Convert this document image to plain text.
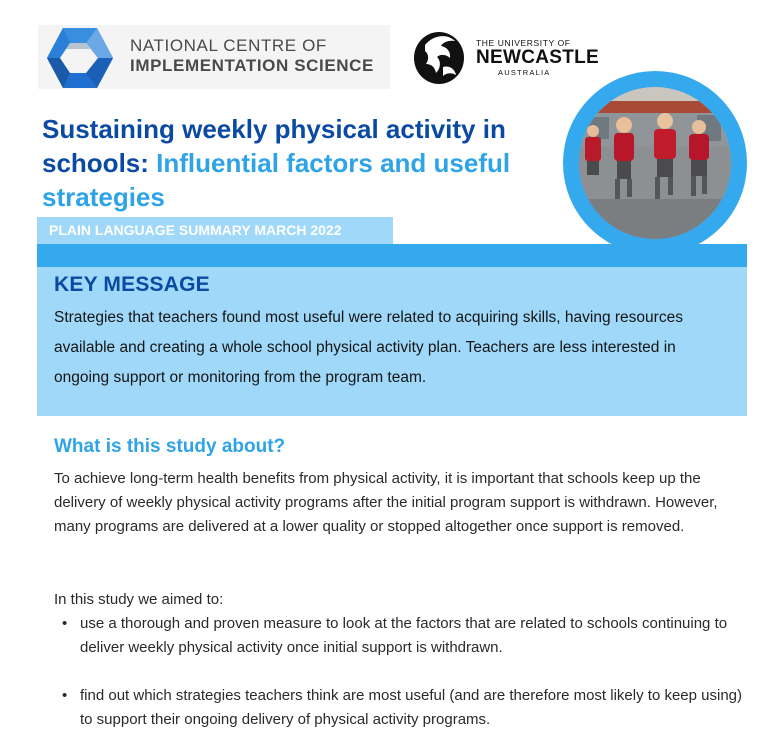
NATIONAL CENTRE OF
IMPLEMENTATION SCIENCE
THE UNIVERSITY OF
NEWCASTLE
AUSTRALIA
Sustaining weekly physical activity in schools: Influential factors and useful strategies
PLAIN LANGUAGE SUMMARY MARCH 2022
KEY MESSAGE
Strategies that teachers found most useful were related to acquiring skills, having resources available and creating a whole school physical activity plan. Teachers are less interested in ongoing support or monitoring from the program team.
What is this study about?
To achieve long-term health benefits from physical activity, it is important that schools keep up the delivery of weekly physical activity programs after the initial program support is withdrawn. However, many programs are delivered at a lower quality or stopped altogether once support is removed.
In this study we aimed to:
• use a thorough and proven measure to look at the factors that are related to schools continuing to deliver weekly physical activity once initial support is withdrawn.
• find out which strategies teachers think are most useful (and are therefore most likely to keep using) to support their ongoing delivery of physical activity programs.
